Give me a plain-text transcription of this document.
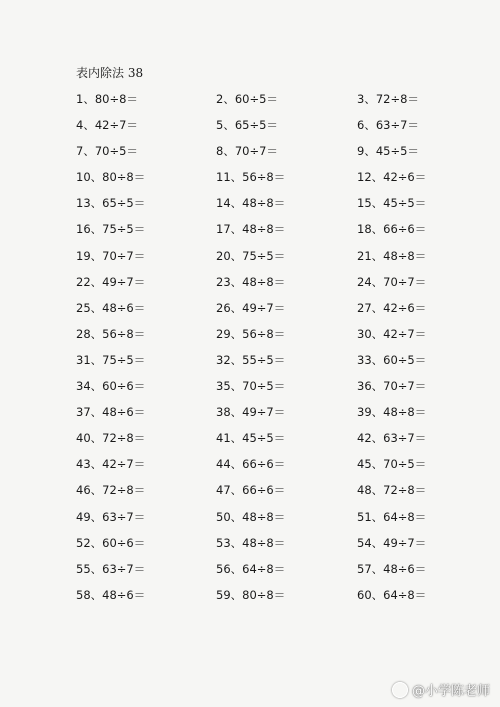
表内除法 38
1、80÷8＝	2、60÷5＝	3、72÷8＝
4、42÷7＝	5、65÷5＝	6、63÷7＝
7、70÷5＝	8、70÷7＝	9、45÷5＝
10、80÷8＝	11、56÷8＝	12、42÷6＝
13、65÷5＝	14、48÷8＝	15、45÷5＝
16、75÷5＝	17、48÷8＝	18、66÷6＝
19、70÷7＝	20、75÷5＝	21、48÷8＝
22、49÷7＝	23、48÷8＝	24、70÷7＝
25、48÷6＝	26、49÷7＝	27、42÷6＝
28、56÷8＝	29、56÷8＝	30、42÷7＝
31、75÷5＝	32、55÷5＝	33、60÷5＝
34、60÷6＝	35、70÷5＝	36、70÷7＝
37、48÷6＝	38、49÷7＝	39、48÷8＝
40、72÷8＝	41、45÷5＝	42、63÷7＝
43、42÷7＝	44、66÷6＝	45、70÷5＝
46、72÷8＝	47、66÷6＝	48、72÷8＝
49、63÷7＝	50、48÷8＝	51、64÷8＝
52、60÷6＝	53、48÷8＝	54、49÷7＝
55、63÷7＝	56、64÷8＝	57、48÷6＝
58、48÷6＝	59、80÷8＝	60、64÷8＝
@小学陈老师
